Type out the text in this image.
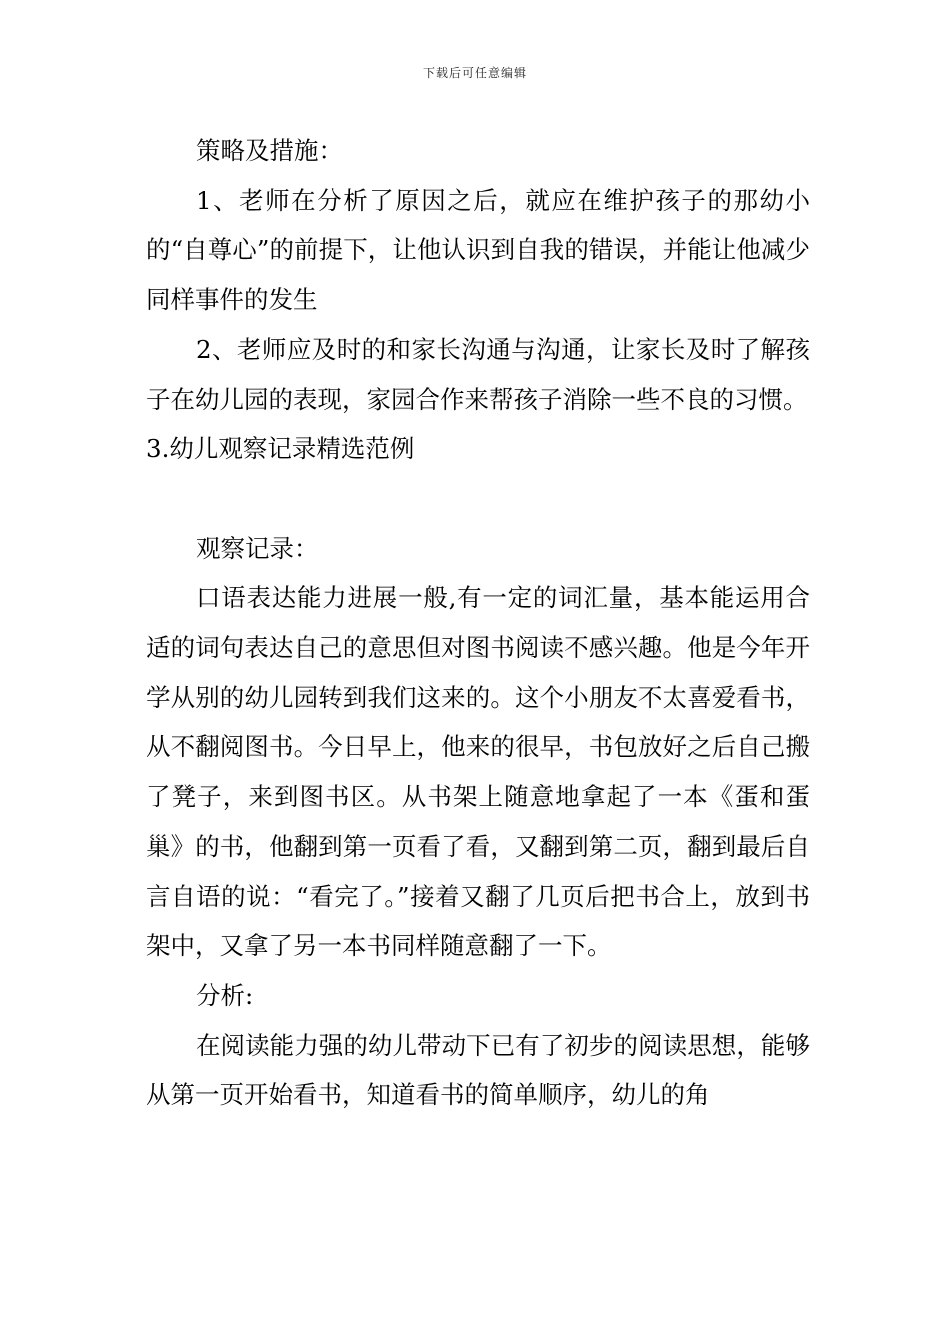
下载后可任意编辑

策略及措施：

1、老师在分析了原因之后，就应在维护孩子的那幼小的“自尊心”的前提下，让他认识到自我的错误，并能让他减少同样事件的发生

2、老师应及时的和家长沟通与沟通，让家长及时了解孩子在幼儿园的表现，家园合作来帮孩子消除一些不良的习惯。

3.幼儿观察记录精选范例

观察记录：

口语表达能力进展一般,有一定的词汇量，基本能运用合适的词句表达自己的意思但对图书阅读不感兴趣。他是今年开学从别的幼儿园转到我们这来的。这个小朋友不太喜爱看书，从不翻阅图书。今日早上，他来的很早，书包放好之后自己搬了凳子，来到图书区。从书架上随意地拿起了一本《蛋和蛋巢》的书，他翻到第一页看了看，又翻到第二页，翻到最后自言自语的说：“看完了。”接着又翻了几页后把书合上，放到书架中，又拿了另一本书同样随意翻了一下。

分析:

在阅读能力强的幼儿带动下已有了初步的阅读思想，能够从第一页开始看书，知道看书的简单顺序，幼儿的角
